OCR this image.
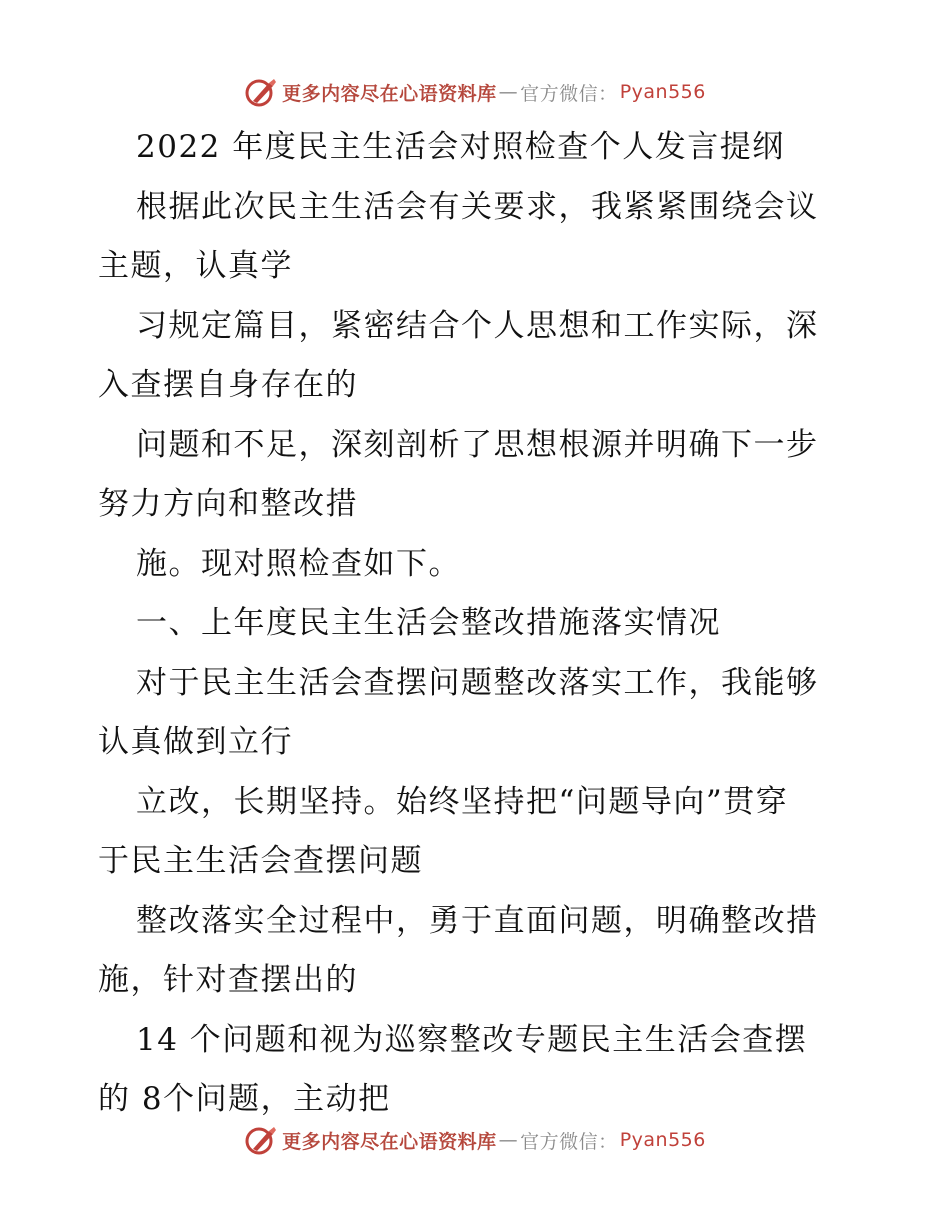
更多内容尽在心语资料库 — 官方微信： Pyan556
2022 年度民主生活会对照检查个人发言提纲
根据此次民主生活会有关要求，我紧紧围绕会议
主题，认真学
习规定篇目，紧密结合个人思想和工作实际，深
入查摆自身存在的
问题和不足，深刻剖析了思想根源并明确下一步
努力方向和整改措
施。现对照检查如下。
一、上年度民主生活会整改措施落实情况
对于民主生活会查摆问题整改落实工作，我能够
认真做到立行
立改，长期坚持。始终坚持把“问题导向”贯穿
于民主生活会查摆问题
整改落实全过程中，勇于直面问题，明确整改措
施，针对查摆出的
14 个问题和视为巡察整改专题民主生活会查摆
的 8个问题，主动把
更多内容尽在心语资料库 — 官方微信： Pyan556
